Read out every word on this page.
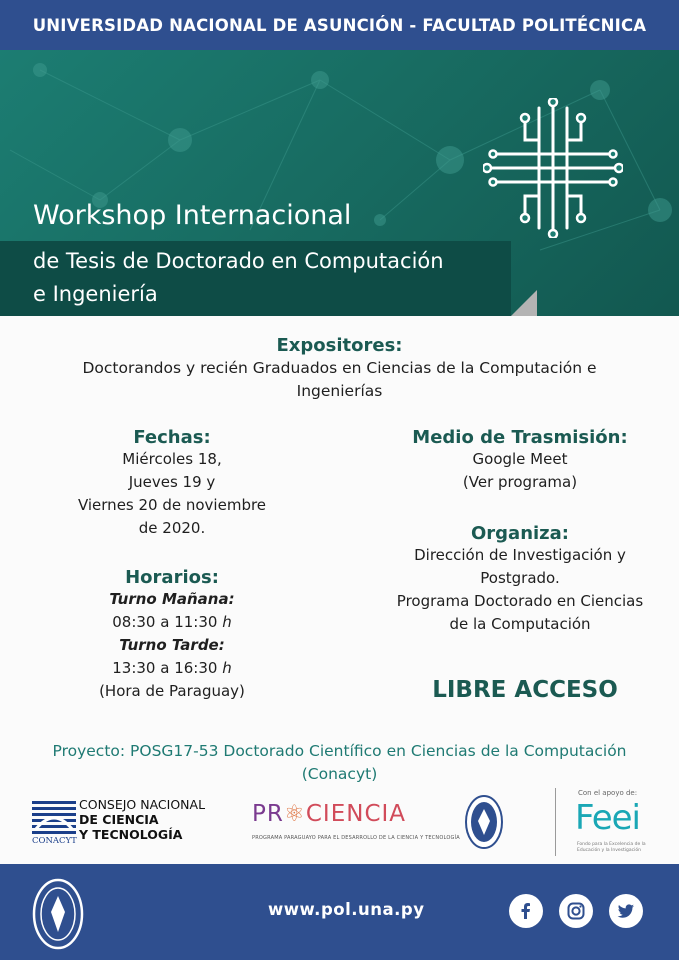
UNIVERSIDAD NACIONAL DE ASUNCIÓN - FACULTAD POLITÉCNICA
Workshop Internacional
de Tesis de Doctorado en Computación
e Ingeniería
Expositores:
Doctorandos y recién Graduados en Ciencias de la Computación e
Ingenierías
Fechas:
Miércoles 18,
Jueves 19 y
Viernes 20 de noviembre
de 2020.
Horarios:
Turno Mañana:
08:30 a 11:30 h
Turno Tarde:
13:30 a 16:30 h
(Hora de Paraguay)
Medio de Trasmisión:
Google Meet
(Ver programa)
Organiza:
Dirección de Investigación y
Postgrado.
Programa Doctorado en Ciencias
de la Computación
LIBRE ACCESO
Proyecto: POSG17-53 Doctorado Científico en Ciencias de la Computación
(Conacyt)
CONACYT
CONSEJO NACIONAL
DE CIENCIA
Y TECNOLOGÍA
PR⚛CIENCIA
PROGRAMA PARAGUAYO PARA EL DESARROLLO DE LA CIENCIA Y TECNOLOGÍA
Con el apoyo de:
Feei
Fondo para la Excelencia de la Educación y la Investigación
www.pol.una.py
